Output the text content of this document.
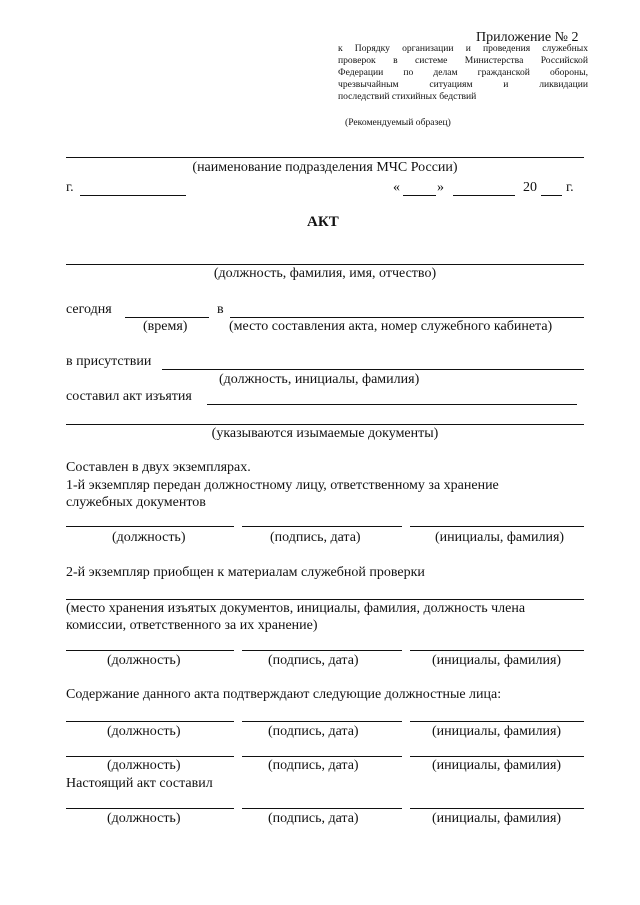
Приложение № 2
к Порядку организации и проведения служебных
проверок в системе Министерства Российской
Федерации по делам гражданской обороны,
чрезвычайным ситуациям и ликвидации
последствий стихийных бедствий
(Рекомендуемый образец)
(наименование подразделения МЧС России)
г.	«	»	20 г.
АКТ
(должность, фамилия, имя, отчество)
сегодня	в
(время)	(место составления акта, номер служебного кабинета)
в присутствии
(должность, инициалы, фамилия)
составил акт изъятия
(указываются изымаемые документы)
Составлен в двух экземплярах.
1-й экземпляр передан должностному лицу, ответственному за хранение
служебных документов
(должность)	(подпись, дата)	(инициалы, фамилия)
2-й экземпляр приобщен к материалам служебной проверки
(место хранения изъятых документов, инициалы, фамилия, должность члена
комиссии, ответственного за их хранение)
(должность)	(подпись, дата)	(инициалы, фамилия)
Содержание данного акта подтверждают следующие должностные лица:
(должность)	(подпись, дата)	(инициалы, фамилия)
(должность)	(подпись, дата)	(инициалы, фамилия)
Настоящий акт составил
(должность)	(подпись, дата)	(инициалы, фамилия)
